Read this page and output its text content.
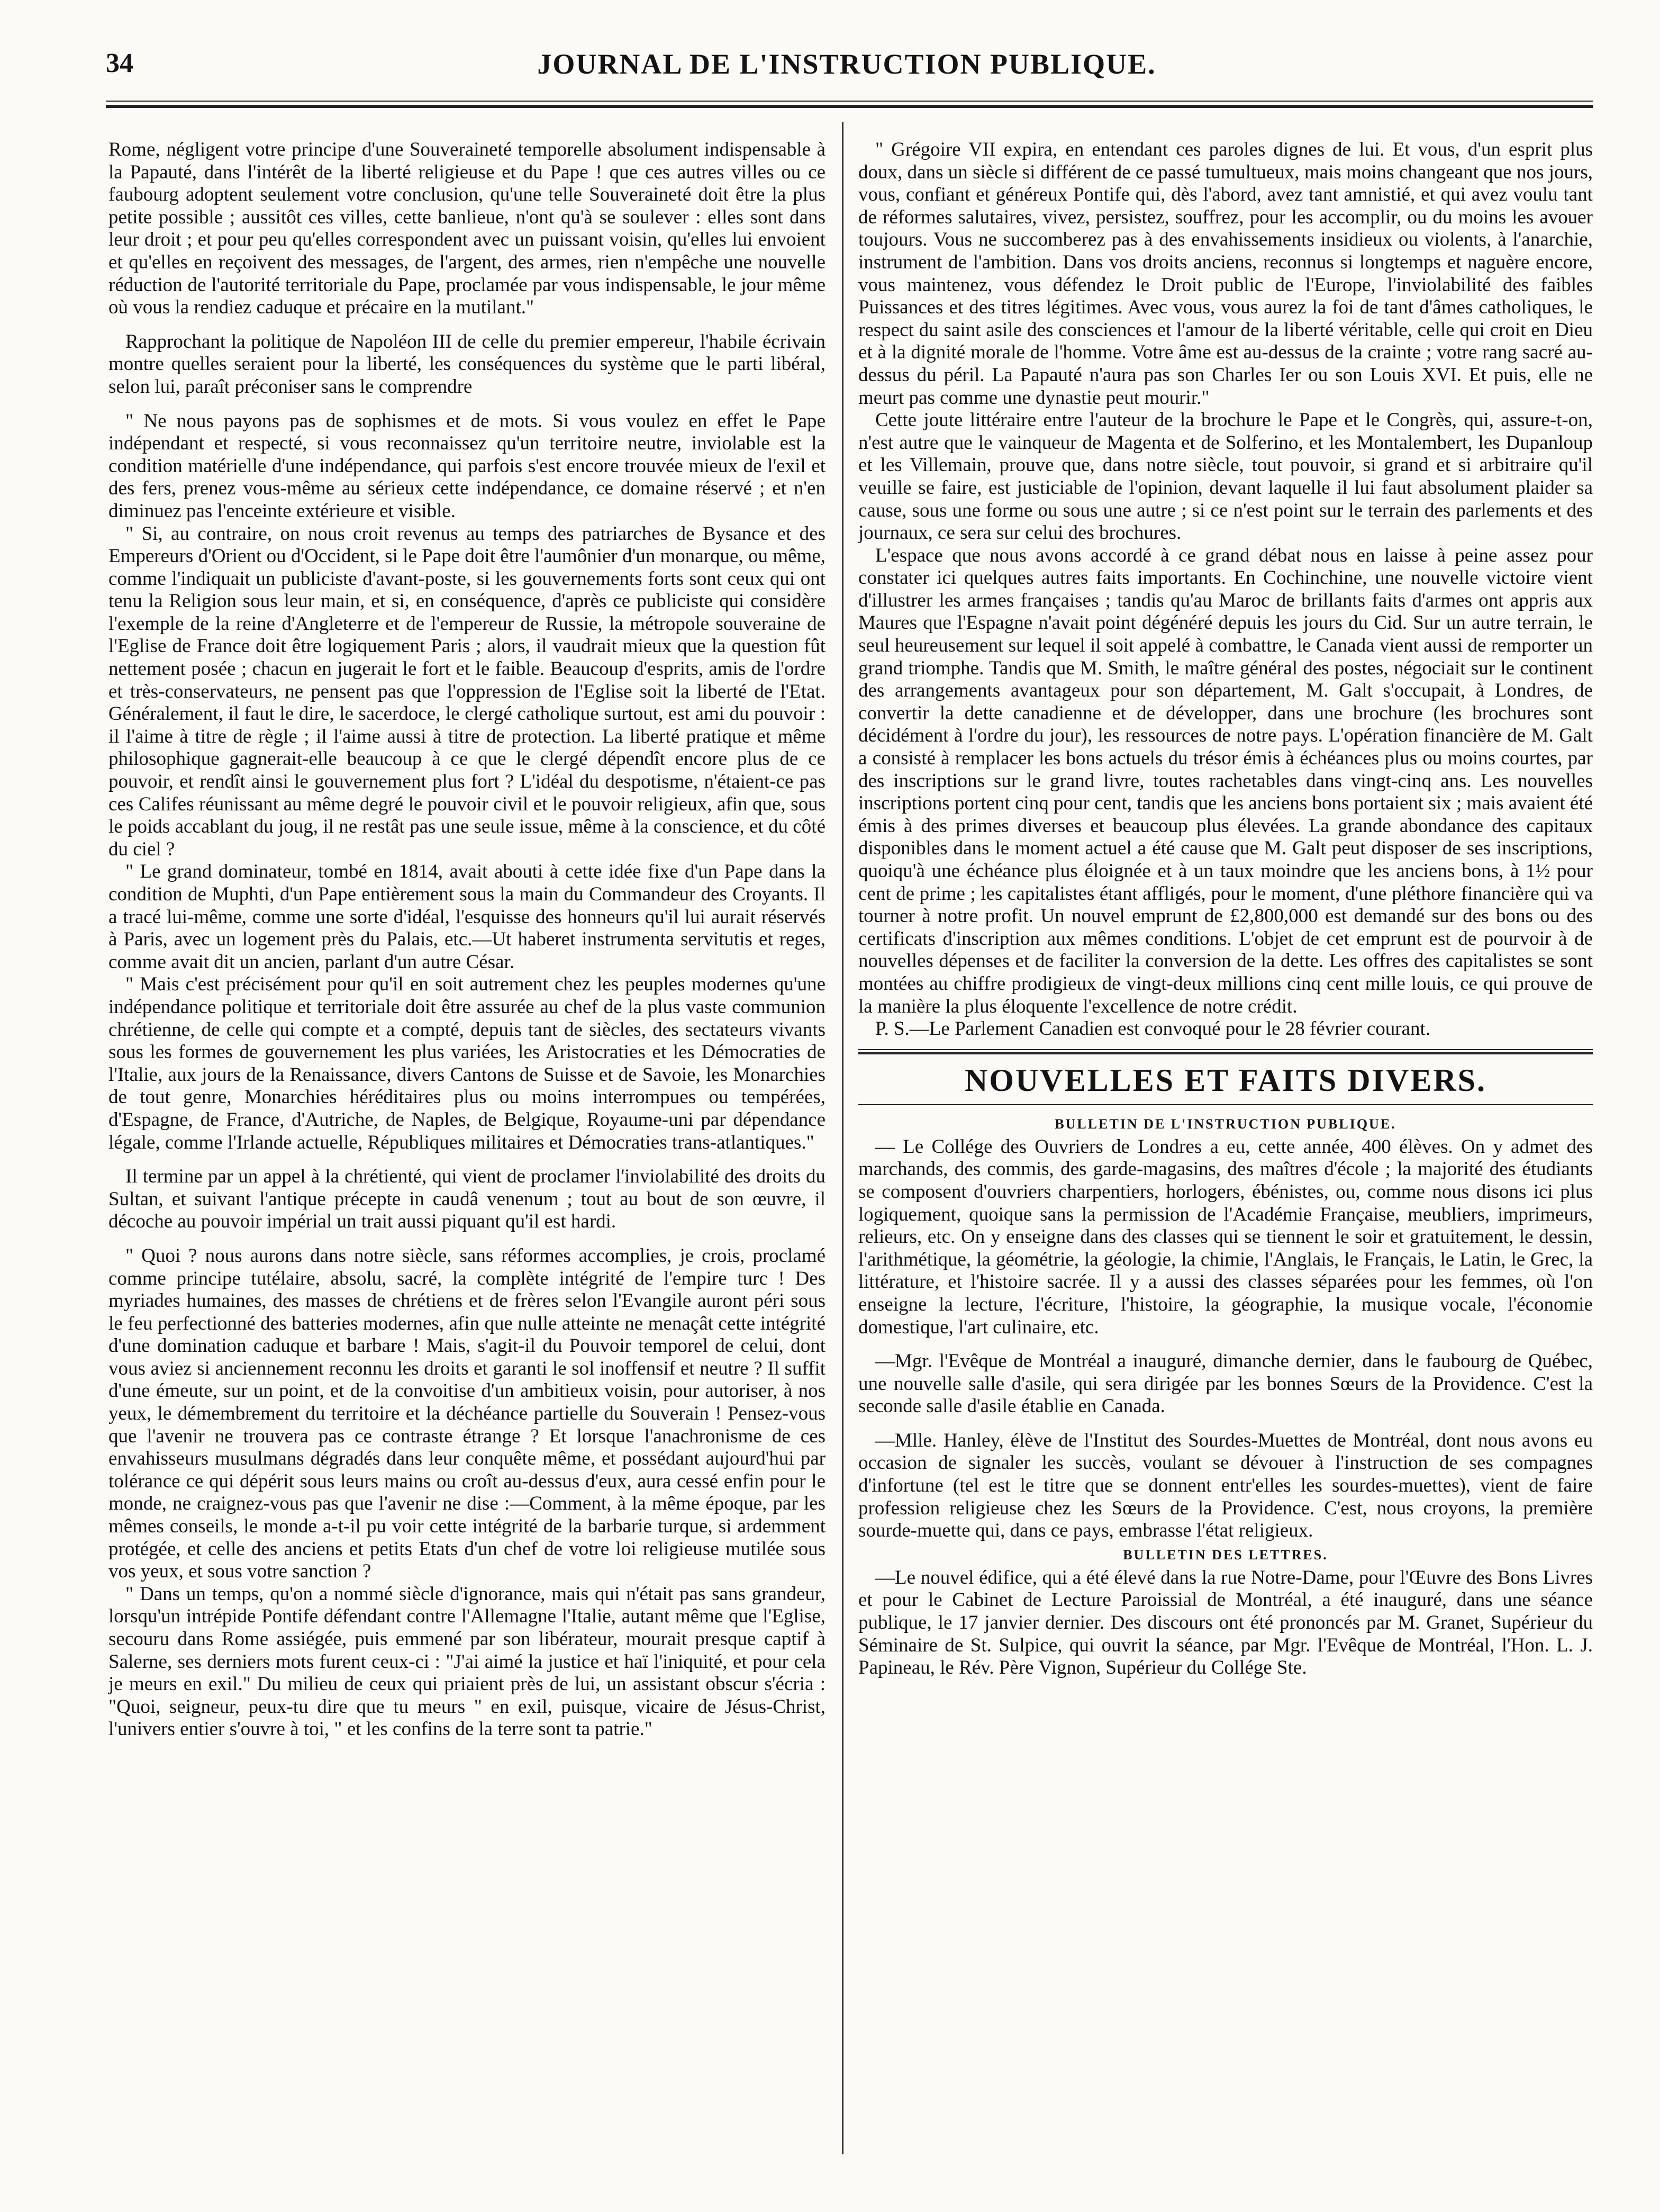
34	JOURNAL DE L'INSTRUCTION PUBLIQUE.

Rome, négligent votre principe d'une Souveraineté temporelle absolument indispensable à la Papauté, dans l'intérêt de la liberté religieuse et du Pape ! que ces autres villes ou ce faubourg adoptent seulement votre conclusion, qu'une telle Souveraineté doit être la plus petite possible ; aussitôt ces villes, cette banlieue, n'ont qu'à se soulever : elles sont dans leur droit ; et pour peu qu'elles correspondent avec un puissant voisin, qu'elles lui envoient et qu'elles en reçoivent des messages, de l'argent, des armes, rien n'empêche une nouvelle réduction de l'autorité territoriale du Pape, proclamée par vous indispensable, le jour même où vous la rendiez caduque et précaire en la mutilant."

Rapprochant la politique de Napoléon III de celle du premier empereur, l'habile écrivain montre quelles seraient pour la liberté, les conséquences du système que le parti libéral, selon lui, paraît préconiser sans le comprendre

" Ne nous payons pas de sophismes et de mots. Si vous voulez en effet le Pape indépendant et respecté, si vous reconnaissez qu'un territoire neutre, inviolable est la condition matérielle d'une indépendance, qui parfois s'est encore trouvée mieux de l'exil et des fers, prenez vous-même au sérieux cette indépendance, ce domaine réservé ; et n'en diminuez pas l'enceinte extérieure et visible.

" Si, au contraire, on nous croit revenus au temps des patriarches de Bysance et des Empereurs d'Orient ou d'Occident, si le Pape doit être l'aumônier d'un monarque, ou même, comme l'indiquait un publiciste d'avant-poste, si les gouvernements forts sont ceux qui ont tenu la Religion sous leur main, et si, en conséquence, d'après ce publiciste qui considère l'exemple de la reine d'Angleterre et de l'empereur de Russie, la métropole souveraine de l'Eglise de France doit être logiquement Paris ; alors, il vaudrait mieux que la question fût nettement posée ; chacun en jugerait le fort et le faible. Beaucoup d'esprits, amis de l'ordre et très-conservateurs, ne pensent pas que l'oppression de l'Eglise soit la liberté de l'Etat. Généralement, il faut le dire, le sacerdoce, le clergé catholique surtout, est ami du pouvoir : il l'aime à titre de règle ; il l'aime aussi à titre de protection. La liberté pratique et même philosophique gagnerait-elle beaucoup à ce que le clergé dépendît encore plus de ce pouvoir, et rendît ainsi le gouvernement plus fort ? L'idéal du despotisme, n'étaient-ce pas ces Califes réunissant au même degré le pouvoir civil et le pouvoir religieux, afin que, sous le poids accablant du joug, il ne restât pas une seule issue, même à la conscience, et du côté du ciel ?

" Le grand dominateur, tombé en 1814, avait abouti à cette idée fixe d'un Pape dans la condition de Muphti, d'un Pape entièrement sous la main du Commandeur des Croyants. Il a tracé lui-même, comme une sorte d'idéal, l'esquisse des honneurs qu'il lui aurait réservés à Paris, avec un logement près du Palais, etc.—Ut haberet instrumenta servitutis et reges, comme avait dit un ancien, parlant d'un autre César.

" Mais c'est précisément pour qu'il en soit autrement chez les peuples modernes qu'une indépendance politique et territoriale doit être assurée au chef de la plus vaste communion chrétienne, de celle qui compte et a compté, depuis tant de siècles, des sectateurs vivants sous les formes de gouvernement les plus variées, les Aristocraties et les Démocraties de l'Italie, aux jours de la Renaissance, divers Cantons de Suisse et de Savoie, les Monarchies de tout genre, Monarchies héréditaires plus ou moins interrompues ou tempérées, d'Espagne, de France, d'Autriche, de Naples, de Belgique, Royaume-uni par dépendance légale, comme l'Irlande actuelle, Républiques militaires et Démocraties trans-atlantiques."

Il termine par un appel à la chrétienté, qui vient de proclamer l'inviolabilité des droits du Sultan, et suivant l'antique précepte in caudâ venenum ; tout au bout de son œuvre, il décoche au pouvoir impérial un trait aussi piquant qu'il est hardi.

" Quoi ? nous aurons dans notre siècle, sans réformes accomplies, je crois, proclamé comme principe tutélaire, absolu, sacré, la complète intégrité de l'empire turc ! Des myriades humaines, des masses de chrétiens et de frères selon l'Evangile auront péri sous le feu perfectionné des batteries modernes, afin que nulle atteinte ne menaçât cette intégrité d'une domination caduque et barbare ! Mais, s'agit-il du Pouvoir temporel de celui, dont vous aviez si anciennement reconnu les droits et garanti le sol inoffensif et neutre ? Il suffit d'une émeute, sur un point, et de la convoitise d'un ambitieux voisin, pour autoriser, à nos yeux, le démembrement du territoire et la déchéance partielle du Souverain ! Pensez-vous que l'avenir ne trouvera pas ce contraste étrange ? Et lorsque l'anachronisme de ces envahisseurs musulmans dégradés dans leur conquête même, et possédant aujourd'hui par tolérance ce qui dépérit sous leurs mains ou croît au-dessus d'eux, aura cessé enfin pour le monde, ne craignez-vous pas que l'avenir ne dise :—Comment, à la même époque, par les mêmes conseils, le monde a-t-il pu voir cette intégrité de la barbarie turque, si ardemment protégée, et celle des anciens et petits Etats d'un chef de votre loi religieuse mutilée sous vos yeux, et sous votre sanction ?

" Dans un temps, qu'on a nommé siècle d'ignorance, mais qui n'était pas sans grandeur, lorsqu'un intrépide Pontife défendant contre l'Allemagne l'Italie, autant même que l'Eglise, secouru dans Rome assiégée, puis emmené par son libérateur, mourait presque captif à Salerne, ses derniers mots furent ceux-ci : "J'ai aimé la justice et haï l'iniquité, et pour cela je meurs en exil." Du milieu de ceux qui priaient près de lui, un assistant obscur s'écria : "Quoi, seigneur, peux-tu dire que tu meurs " en exil, puisque, vicaire de Jésus-Christ, l'univers entier s'ouvre à toi, " et les confins de la terre sont ta patrie."

" Grégoire VII expira, en entendant ces paroles dignes de lui. Et vous, d'un esprit plus doux, dans un siècle si différent de ce passé tumultueux, mais moins changeant que nos jours, vous, confiant et généreux Pontife qui, dès l'abord, avez tant amnistié, et qui avez voulu tant de réformes salutaires, vivez, persistez, souffrez, pour les accomplir, ou du moins les avouer toujours. Vous ne succomberez pas à des envahissements insidieux ou violents, à l'anarchie, instrument de l'ambition. Dans vos droits anciens, reconnus si longtemps et naguère encore, vous maintenez, vous défendez le Droit public de l'Europe, l'inviolabilité des faibles Puissances et des titres légitimes. Avec vous, vous aurez la foi de tant d'âmes catholiques, le respect du saint asile des consciences et l'amour de la liberté véritable, celle qui croit en Dieu et à la dignité morale de l'homme. Votre âme est au-dessus de la crainte ; votre rang sacré au-dessus du péril. La Papauté n'aura pas son Charles Ier ou son Louis XVI. Et puis, elle ne meurt pas comme une dynastie peut mourir."

Cette joute littéraire entre l'auteur de la brochure le Pape et le Congrès, qui, assure-t-on, n'est autre que le vainqueur de Magenta et de Solferino, et les Montalembert, les Dupanloup et les Villemain, prouve que, dans notre siècle, tout pouvoir, si grand et si arbitraire qu'il veuille se faire, est justiciable de l'opinion, devant laquelle il lui faut absolument plaider sa cause, sous une forme ou sous une autre ; si ce n'est point sur le terrain des parlements et des journaux, ce sera sur celui des brochures.

L'espace que nous avons accordé à ce grand débat nous en laisse à peine assez pour constater ici quelques autres faits importants. En Cochinchine, une nouvelle victoire vient d'illustrer les armes françaises ; tandis qu'au Maroc de brillants faits d'armes ont appris aux Maures que l'Espagne n'avait point dégénéré depuis les jours du Cid. Sur un autre terrain, le seul heureusement sur lequel il soit appelé à combattre, le Canada vient aussi de remporter un grand triomphe. Tandis que M. Smith, le maître général des postes, négociait sur le continent des arrangements avantageux pour son département, M. Galt s'occupait, à Londres, de convertir la dette canadienne et de développer, dans une brochure (les brochures sont décidément à l'ordre du jour), les ressources de notre pays. L'opération financière de M. Galt a consisté à remplacer les bons actuels du trésor émis à échéances plus ou moins courtes, par des inscriptions sur le grand livre, toutes rachetables dans vingt-cinq ans. Les nouvelles inscriptions portent cinq pour cent, tandis que les anciens bons portaient six ; mais avaient été émis à des primes diverses et beaucoup plus élevées. La grande abondance des capitaux disponibles dans le moment actuel a été cause que M. Galt peut disposer de ses inscriptions, quoiqu'à une échéance plus éloignée et à un taux moindre que les anciens bons, à 1½ pour cent de prime ; les capitalistes étant affligés, pour le moment, d'une pléthore financière qui va tourner à notre profit. Un nouvel emprunt de £2,800,000 est demandé sur des bons ou des certificats d'inscription aux mêmes conditions. L'objet de cet emprunt est de pourvoir à de nouvelles dépenses et de faciliter la conversion de la dette. Les offres des capitalistes se sont montées au chiffre prodigieux de vingt-deux millions cinq cent mille louis, ce qui prouve de la manière la plus éloquente l'excellence de notre crédit.

P. S.—Le Parlement Canadien est convoqué pour le 28 février courant.

NOUVELLES ET FAITS DIVERS.
BULLETIN DE L'INSTRUCTION PUBLIQUE.

— Le Collége des Ouvriers de Londres a eu, cette année, 400 élèves. On y admet des marchands, des commis, des garde-magasins, des maîtres d'école ; la majorité des étudiants se composent d'ouvriers charpentiers, horlogers, ébénistes, ou, comme nous disons ici plus logiquement, quoique sans la permission de l'Académie Française, meubliers, imprimeurs, relieurs, etc. On y enseigne dans des classes qui se tiennent le soir et gratuitement, le dessin, l'arithmétique, la géométrie, la géologie, la chimie, l'Anglais, le Français, le Latin, le Grec, la littérature, et l'histoire sacrée. Il y a aussi des classes séparées pour les femmes, où l'on enseigne la lecture, l'écriture, l'histoire, la géographie, la musique vocale, l'économie domestique, l'art culinaire, etc.

—Mgr. l'Evêque de Montréal a inauguré, dimanche dernier, dans le faubourg de Québec, une nouvelle salle d'asile, qui sera dirigée par les bonnes Sœurs de la Providence. C'est la seconde salle d'asile établie en Canada.

—Mlle. Hanley, élève de l'Institut des Sourdes-Muettes de Montréal, dont nous avons eu occasion de signaler les succès, voulant se dévouer à l'instruction de ses compagnes d'infortune (tel est le titre que se donnent entr'elles les sourdes-muettes), vient de faire profession religieuse chez les Sœurs de la Providence. C'est, nous croyons, la première sourde-muette qui, dans ce pays, embrasse l'état religieux.

BULLETIN DES LETTRES.

—Le nouvel édifice, qui a été élevé dans la rue Notre-Dame, pour l'Œuvre des Bons Livres et pour le Cabinet de Lecture Paroissial de Montréal, a été inauguré, dans une séance publique, le 17 janvier dernier. Des discours ont été prononcés par M. Granet, Supérieur du Séminaire de St. Sulpice, qui ouvrit la séance, par Mgr. l'Evêque de Montréal, l'Hon. L. J. Papineau, le Rév. Père Vignon, Supérieur du Collége Ste.
